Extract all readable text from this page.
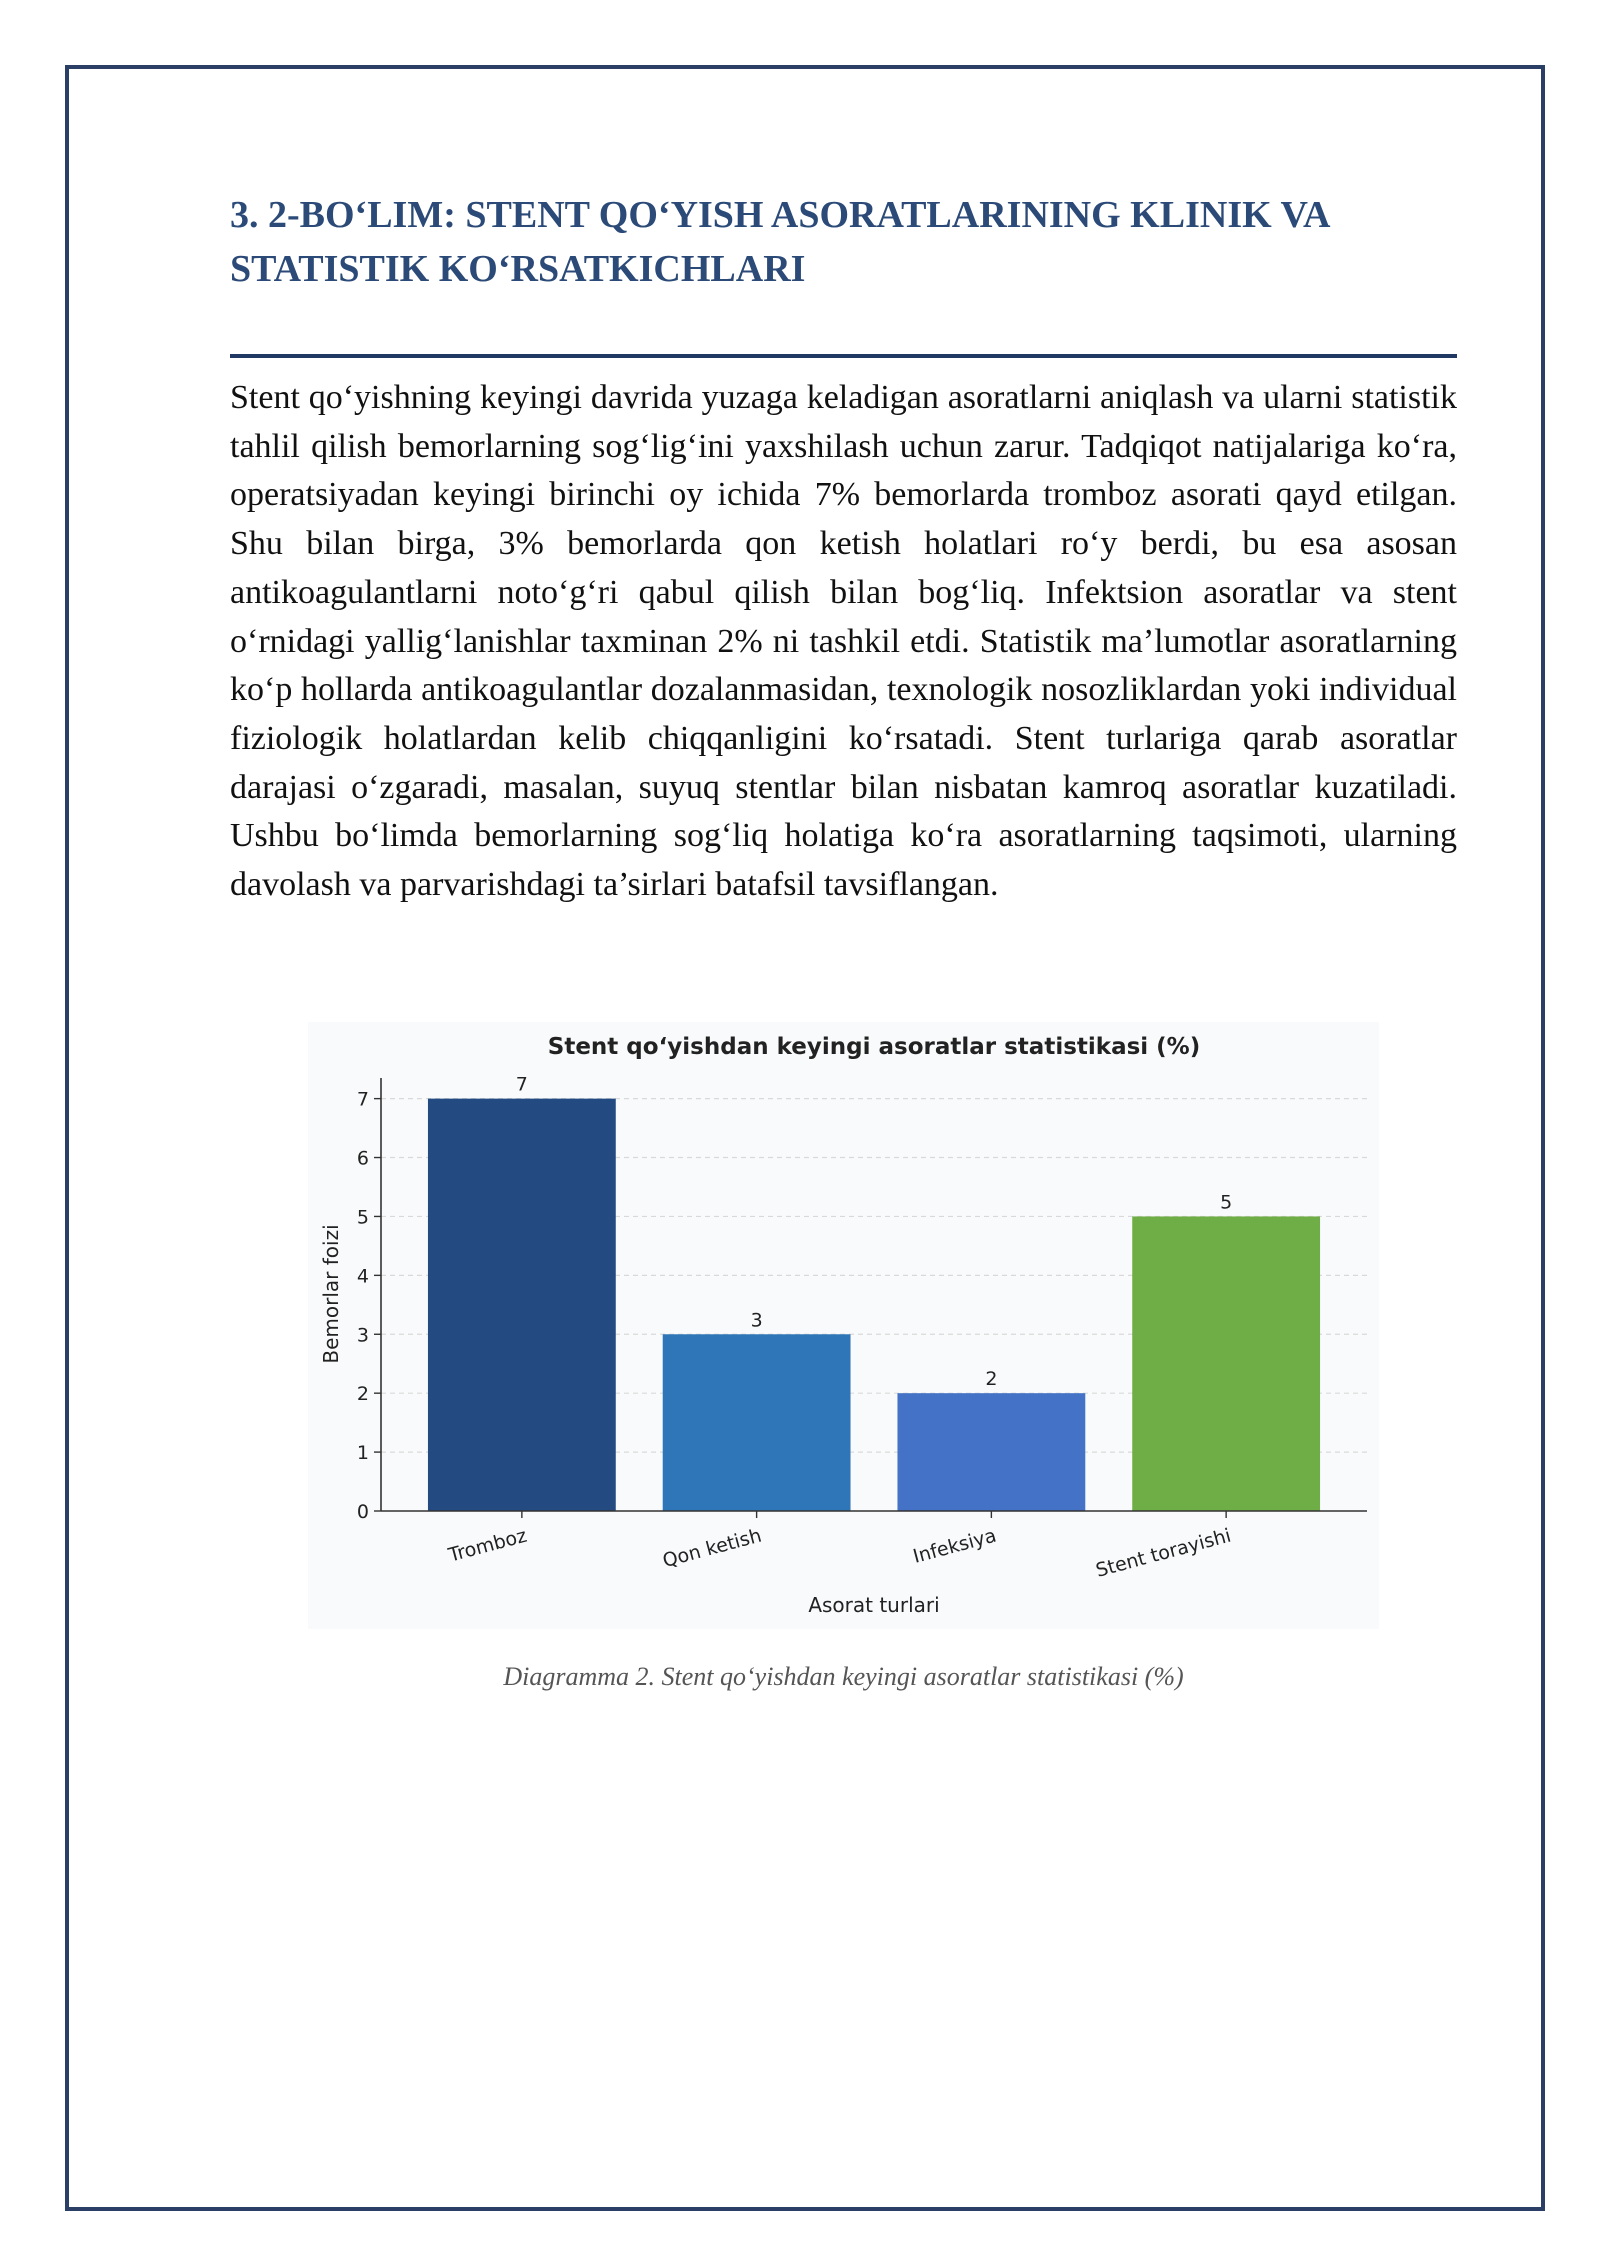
3. 2-BO‘LIM: STENT QO‘YISH ASORATLARINING KLINIK VA STATISTIK KO‘RSATKICHLARI

Stent qo‘yishning keyingi davrida yuzaga keladigan asoratlarni aniqlash va ularni statistik tahlil qilish bemorlarning sog‘lig‘ini yaxshilash uchun zarur. Tadqiqot natijalariga ko‘ra, operatsiyadan keyingi birinchi oy ichida 7% bemorlarda tromboz asorati qayd etilgan. Shu bilan birga, 3% bemorlarda qon ketish holatlari ro‘y berdi, bu esa asosan antikoagulantlarni noto‘g‘ri qabul qilish bilan bog‘liq. Infektsion asoratlar va stent o‘rnidagi yallig‘lanishlar taxminan 2% ni tashkil etdi. Statistik ma’lumotlar asoratlarning ko‘p hollarda antikoagulantlar dozalanmasidan, texnologik nosozliklardan yoki individual fiziologik holatlardan kelib chiqqanligini ko‘rsatadi. Stent turlariga qarab asoratlar darajasi o‘zgaradi, masalan, suyuq stentlar bilan nisbatan kamroq asoratlar kuzatiladi. Ushbu bo‘limda bemorlarning sog‘liq holatiga ko‘ra asoratlarning taqsimoti, ularning davolash va parvarishdagi ta’sirlari batafsil tavsiflangan.

7
3
2
5
0
1
2
3
4
5
6
7
Tromboz	Qon ketish	Infeksiya	Stent torayishi
Stent qo‘yishdan keyingi asoratlar statistikasi (%)
Bemorlar foizi
Asorat turlari

Diagramma 2. Stent qo‘yishdan keyingi asoratlar statistikasi (%)
